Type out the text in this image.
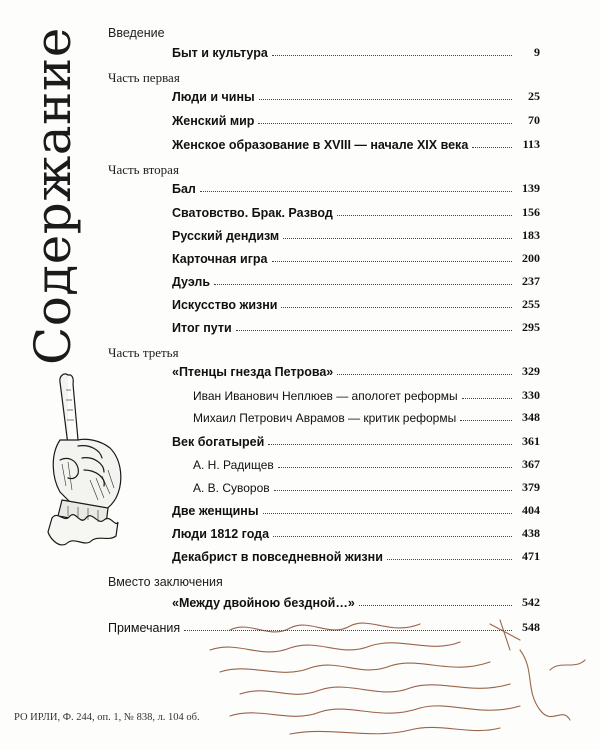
Содержание
РО ИРЛИ, Ф. 244, оп. 1, № 838, л. 104 об.
Введение
Быт и культура	9
Часть первая
Люди и чины	25
Женский мир	70
Женское образование в XVIII — начале XIX века	113
Часть вторая
Бал	139
Сватовство. Брак. Развод	156
Русский дендизм	183
Карточная игра	200
Дуэль	237
Искусство жизни	255
Итог пути	295
Часть третья
«Птенцы гнезда Петрова»	329
Иван Иванович Неплюев — апологет реформы	330
Михаил Петрович Аврамов — критик реформы	348
Век богатырей	361
А. Н. Радищев	367
А. В. Суворов	379
Две женщины	404
Люди 1812 года	438
Декабрист в повседневной жизни	471
Вместо заключения
«Между двойною бездной…»	542
Примечания	548
